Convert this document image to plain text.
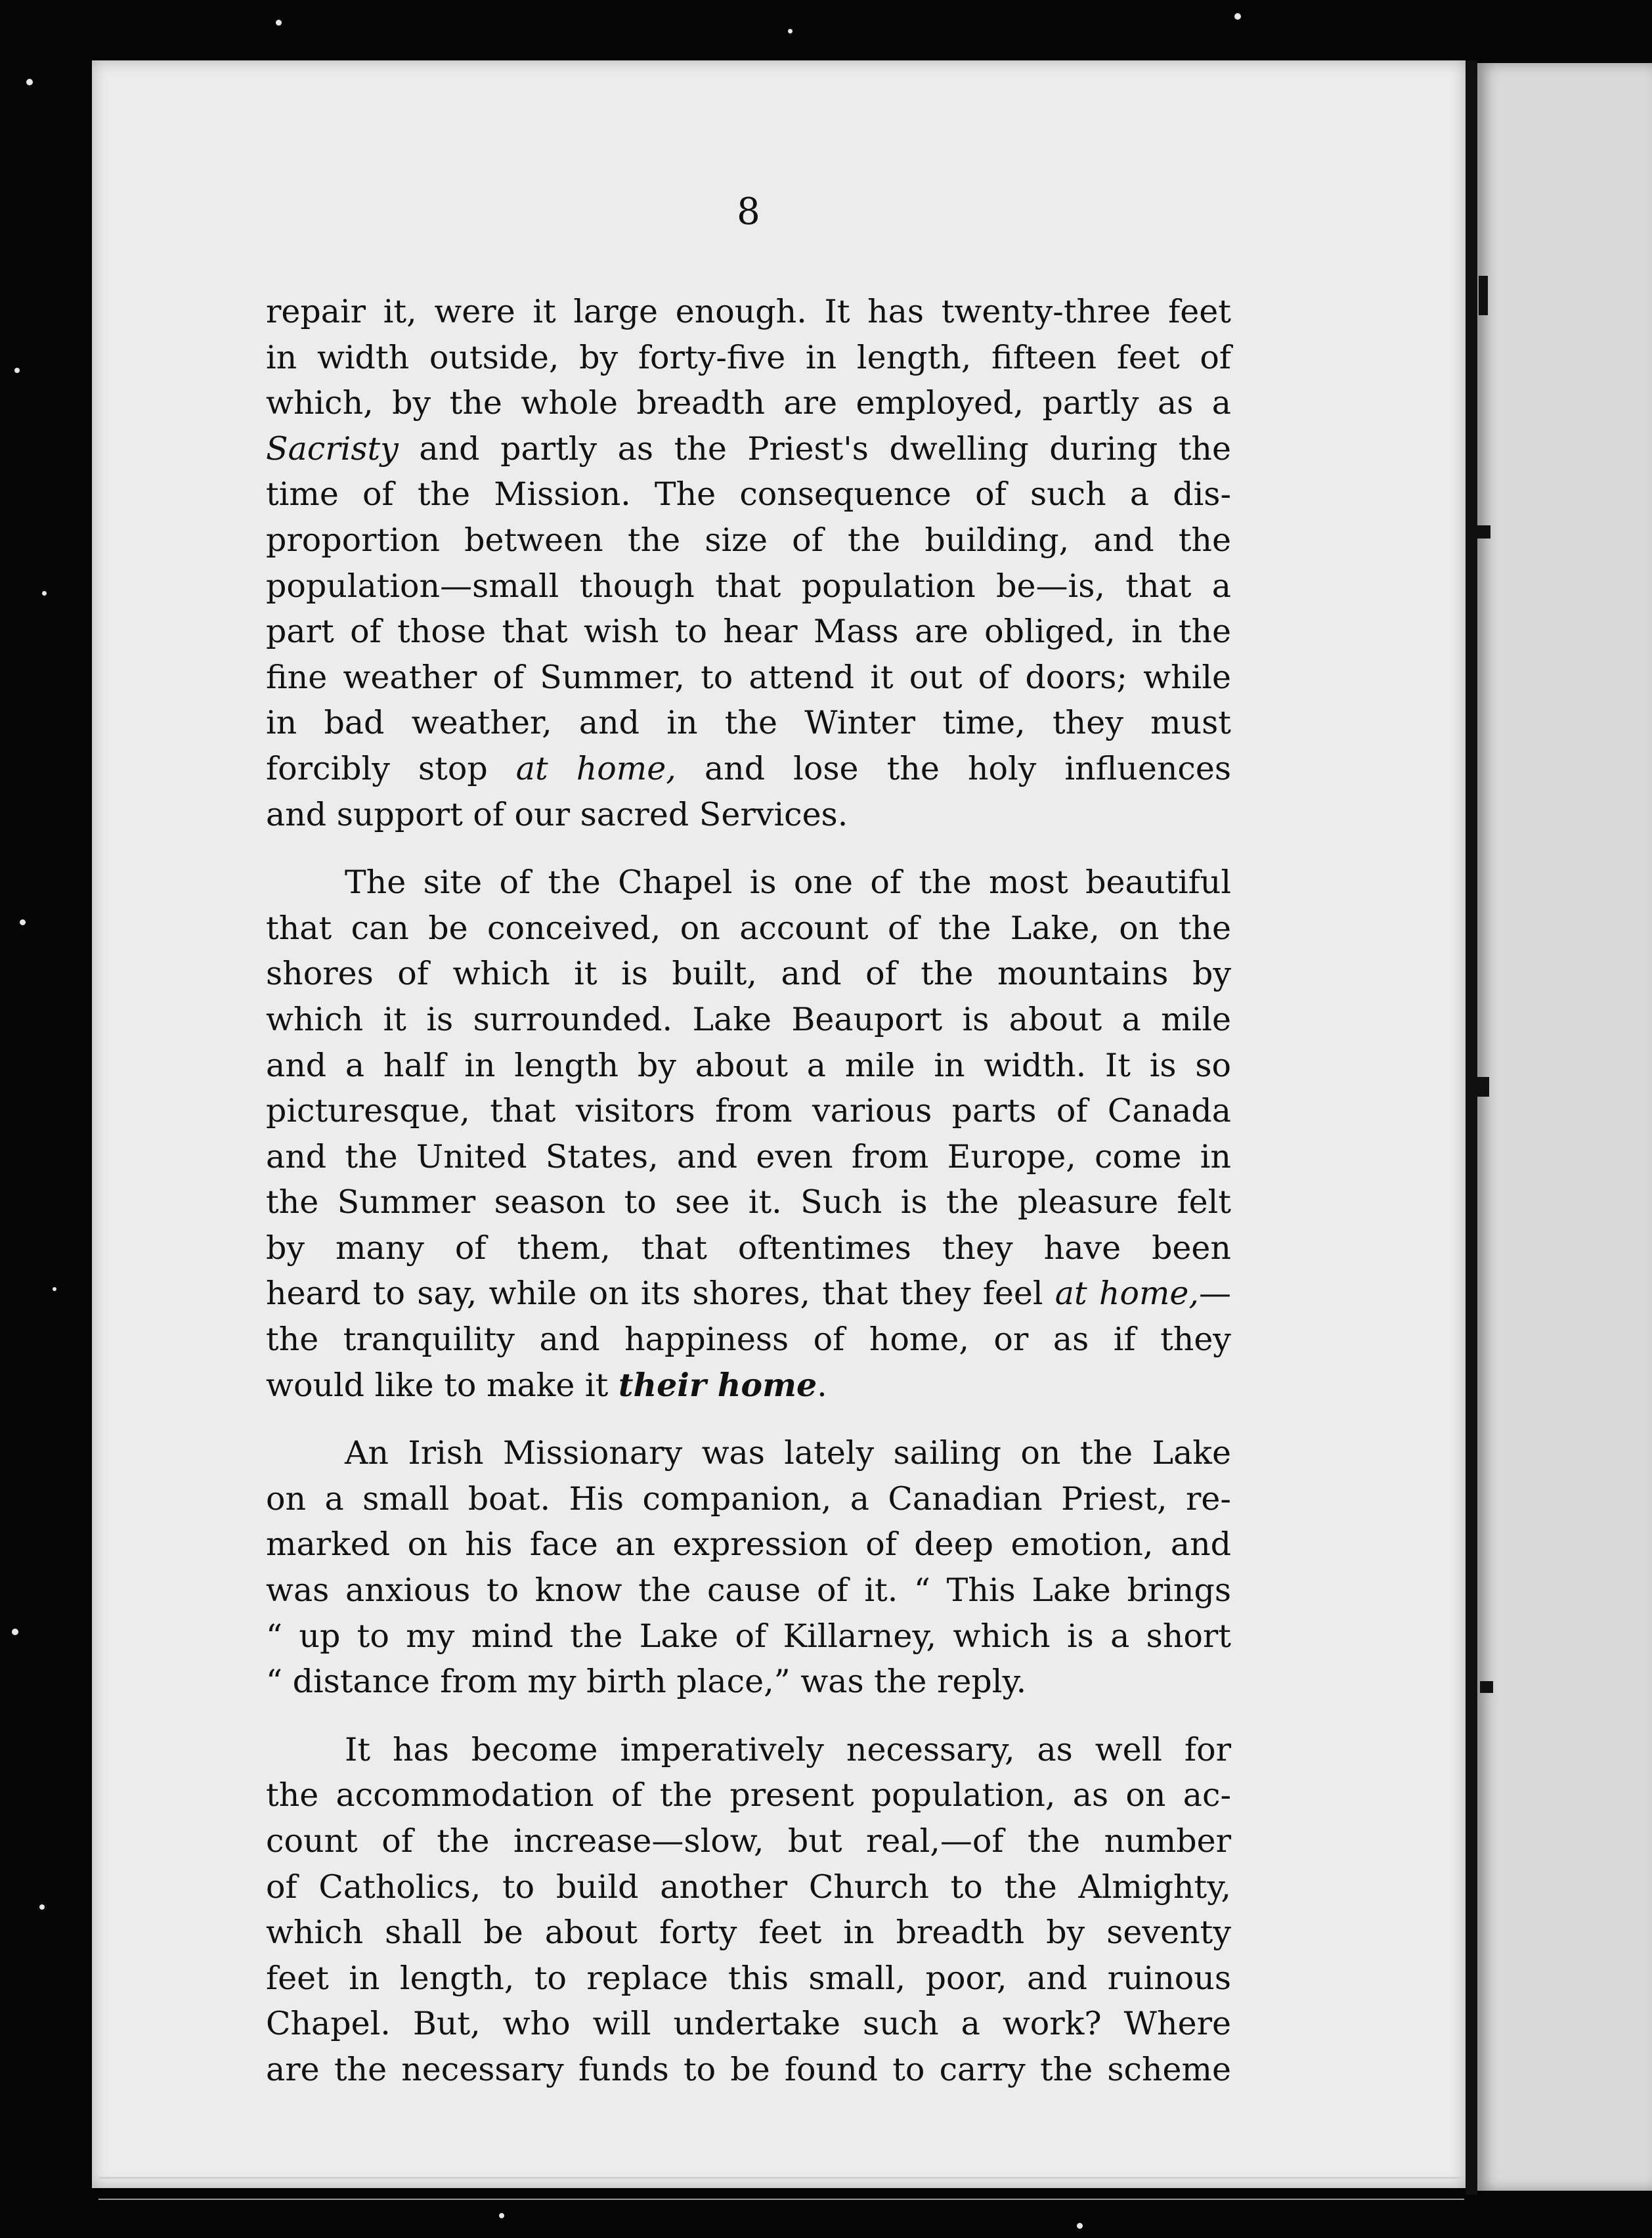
8
repair it, were it large enough. It has twenty-three feet
in width outside, by forty-five in length, fifteen feet of
which, by the whole breadth are employed, partly as a
Sacristy and partly as the Priest's dwelling during the
time of the Mission. The consequence of such a dis-
proportion between the size of the building, and the
population—small though that population be—is, that a
part of those that wish to hear Mass are obliged, in the
fine weather of Summer, to attend it out of doors; while
in bad weather, and in the Winter time, they must
forcibly stop at home, and lose the holy influences
and support of our sacred Services.
The site of the Chapel is one of the most beautiful
that can be conceived, on account of the Lake, on the
shores of which it is built, and of the mountains by
which it is surrounded. Lake Beauport is about a mile
and a half in length by about a mile in width. It is so
picturesque, that visitors from various parts of Canada
and the United States, and even from Europe, come in
the Summer season to see it. Such is the pleasure felt
by many of them, that oftentimes they have been
heard to say, while on its shores, that they feel at home,—
the tranquility and happiness of home, or as if they
would like to make it their home.
An Irish Missionary was lately sailing on the Lake
on a small boat. His companion, a Canadian Priest, re-
marked on his face an expression of deep emotion, and
was anxious to know the cause of it. “ This Lake brings
“ up to my mind the Lake of Killarney, which is a short
“ distance from my birth place,” was the reply.
It has become imperatively necessary, as well for
the accommodation of the present population, as on ac-
count of the increase—slow, but real,—of the number
of Catholics, to build another Church to the Almighty,
which shall be about forty feet in breadth by seventy
feet in length, to replace this small, poor, and ruinous
Chapel. But, who will undertake such a work? Where
are the necessary funds to be found to carry the scheme
